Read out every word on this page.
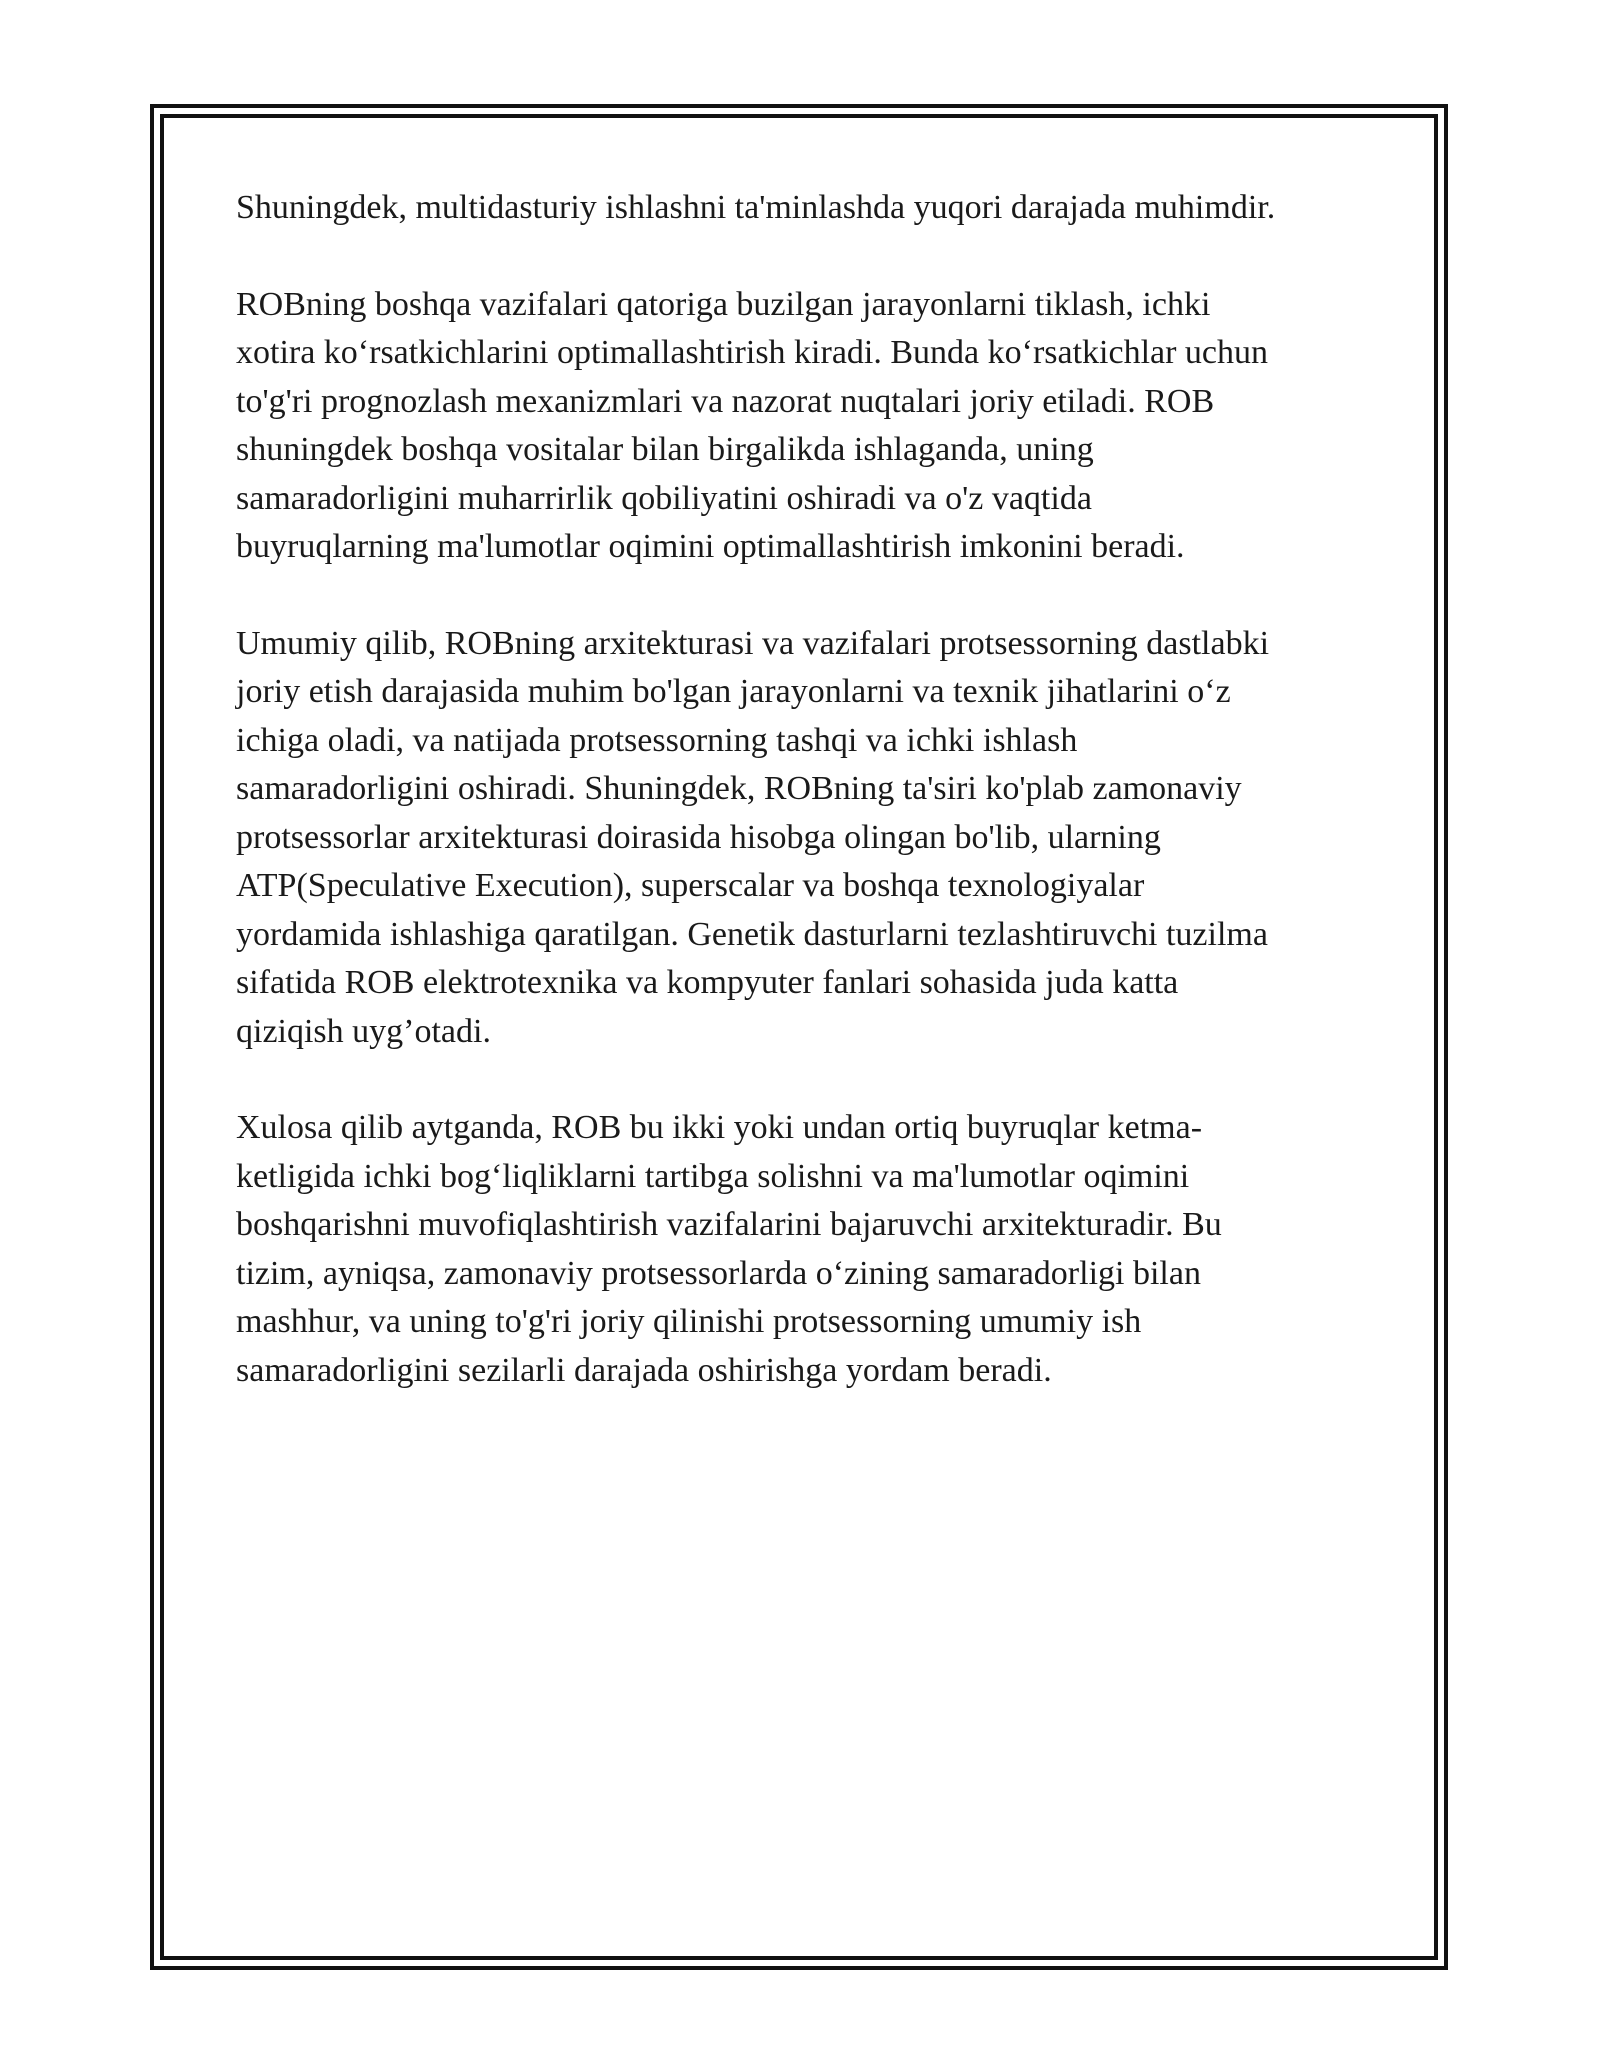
Shuningdek, multidasturiy ishlashni ta'minlashda yuqori darajada muhimdir.

ROBning boshqa vazifalari qatoriga buzilgan jarayonlarni tiklash, ichki
xotira koʻrsatkichlarini optimallashtirish kiradi. Bunda koʻrsatkichlar uchun
to'g'ri prognozlash mexanizmlari va nazorat nuqtalari joriy etiladi. ROB
shuningdek boshqa vositalar bilan birgalikda ishlaganda, uning
samaradorligini muharrirlik qobiliyatini oshiradi va o'z vaqtida
buyruqlarning ma'lumotlar oqimini optimallashtirish imkonini beradi.

Umumiy qilib, ROBning arxitekturasi va vazifalari protsessorning dastlabki
joriy etish darajasida muhim bo'lgan jarayonlarni va texnik jihatlarini oʻz
ichiga oladi, va natijada protsessorning tashqi va ichki ishlash
samaradorligini oshiradi. Shuningdek, ROBning ta'siri ko'plab zamonaviy
protsessorlar arxitekturasi doirasida hisobga olingan bo'lib, ularning
ATP(Speculative Execution), superscalar va boshqa texnologiyalar
yordamida ishlashiga qaratilgan. Genetik dasturlarni tezlashtiruvchi tuzilma
sifatida ROB elektrotexnika va kompyuter fanlari sohasida juda katta
qiziqish uyg’otadi.

Xulosa qilib aytganda, ROB bu ikki yoki undan ortiq buyruqlar ketma-
ketligida ichki bogʻliqliklarni tartibga solishni va ma'lumotlar oqimini
boshqarishni muvofiqlashtirish vazifalarini bajaruvchi arxitekturadir. Bu
tizim, ayniqsa, zamonaviy protsessorlarda oʻzining samaradorligi bilan
mashhur, va uning to'g'ri joriy qilinishi protsessorning umumiy ish
samaradorligini sezilarli darajada oshirishga yordam beradi.
